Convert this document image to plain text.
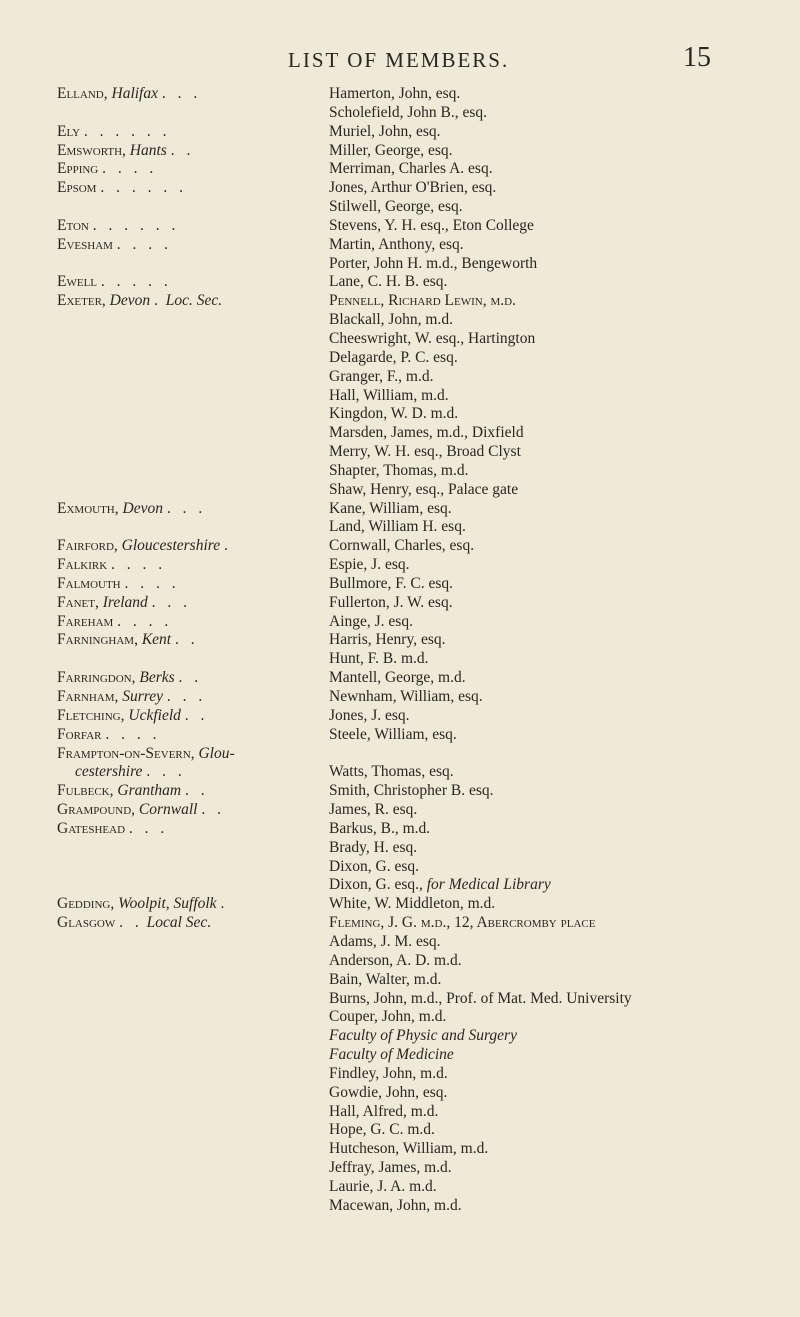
LIST OF MEMBERS.	15
Elland, Halifax . . .
Ely . . . . . .
Emsworth, Hants . .
Epping . . . .
Epsom . . . . . .
Eton . . . . . .
Evesham . . . .
Ewell . . . . .
Exeter, Devon . Loc. Sec.
Exmouth, Devon . . .
Fairford, Gloucestershire .
Falkirk . . . .
Falmouth . . . .
Fanet, Ireland . . .
Fareham . . . .
Farningham, Kent . .
Farringdon, Berks . .
Farnham, Surrey . . .
Fletching, Uckfield . .
Forfar . . . .
Frampton-on-Severn, Glou-
cestershire . . .
Fulbeck, Grantham . .
Grampound, Cornwall . .
Gateshead . . .
Gedding, Woolpit, Suffolk .
Glasgow . . Local Sec.
Hamerton, John, esq.
Scholefield, John B., esq.
Muriel, John, esq.
Miller, George, esq.
Merriman, Charles A. esq.
Jones, Arthur O'Brien, esq.
Stilwell, George, esq.
Stevens, Y. H. esq., Eton College
Martin, Anthony, esq.
Porter, John H. m.d., Bengeworth
Lane, C. H. B. esq.
Pennell, Richard Lewin, m.d.
Blackall, John, m.d.
Cheeswright, W. esq., Hartington
Delagarde, P. C. esq.
Granger, F., m.d.
Hall, William, m.d.
Kingdon, W. D. m.d.
Marsden, James, m.d., Dixfield
Merry, W. H. esq., Broad Clyst
Shapter, Thomas, m.d.
Shaw, Henry, esq., Palace gate
Kane, William, esq.
Land, William H. esq.
Cornwall, Charles, esq.
Espie, J. esq.
Bullmore, F. C. esq.
Fullerton, J. W. esq.
Ainge, J. esq.
Harris, Henry, esq.
Hunt, F. B. m.d.
Mantell, George, m.d.
Newnham, William, esq.
Jones, J. esq.
Steele, William, esq.
Watts, Thomas, esq.
Smith, Christopher B. esq.
James, R. esq.
Barkus, B., m.d.
Brady, H. esq.
Dixon, G. esq.
Dixon, G. esq., for Medical Library
White, W. Middleton, m.d.
Fleming, J. G. m.d., 12, Abercromby place
Adams, J. M. esq.
Anderson, A. D. m.d.
Bain, Walter, m.d.
Burns, John, m.d., Prof. of Mat. Med. University
Couper, John, m.d.
Faculty of Physic and Surgery
Faculty of Medicine
Findley, John, m.d.
Gowdie, John, esq.
Hall, Alfred, m.d.
Hope, G. C. m.d.
Hutcheson, William, m.d.
Jeffray, James, m.d.
Laurie, J. A. m.d.
Macewan, John, m.d.
